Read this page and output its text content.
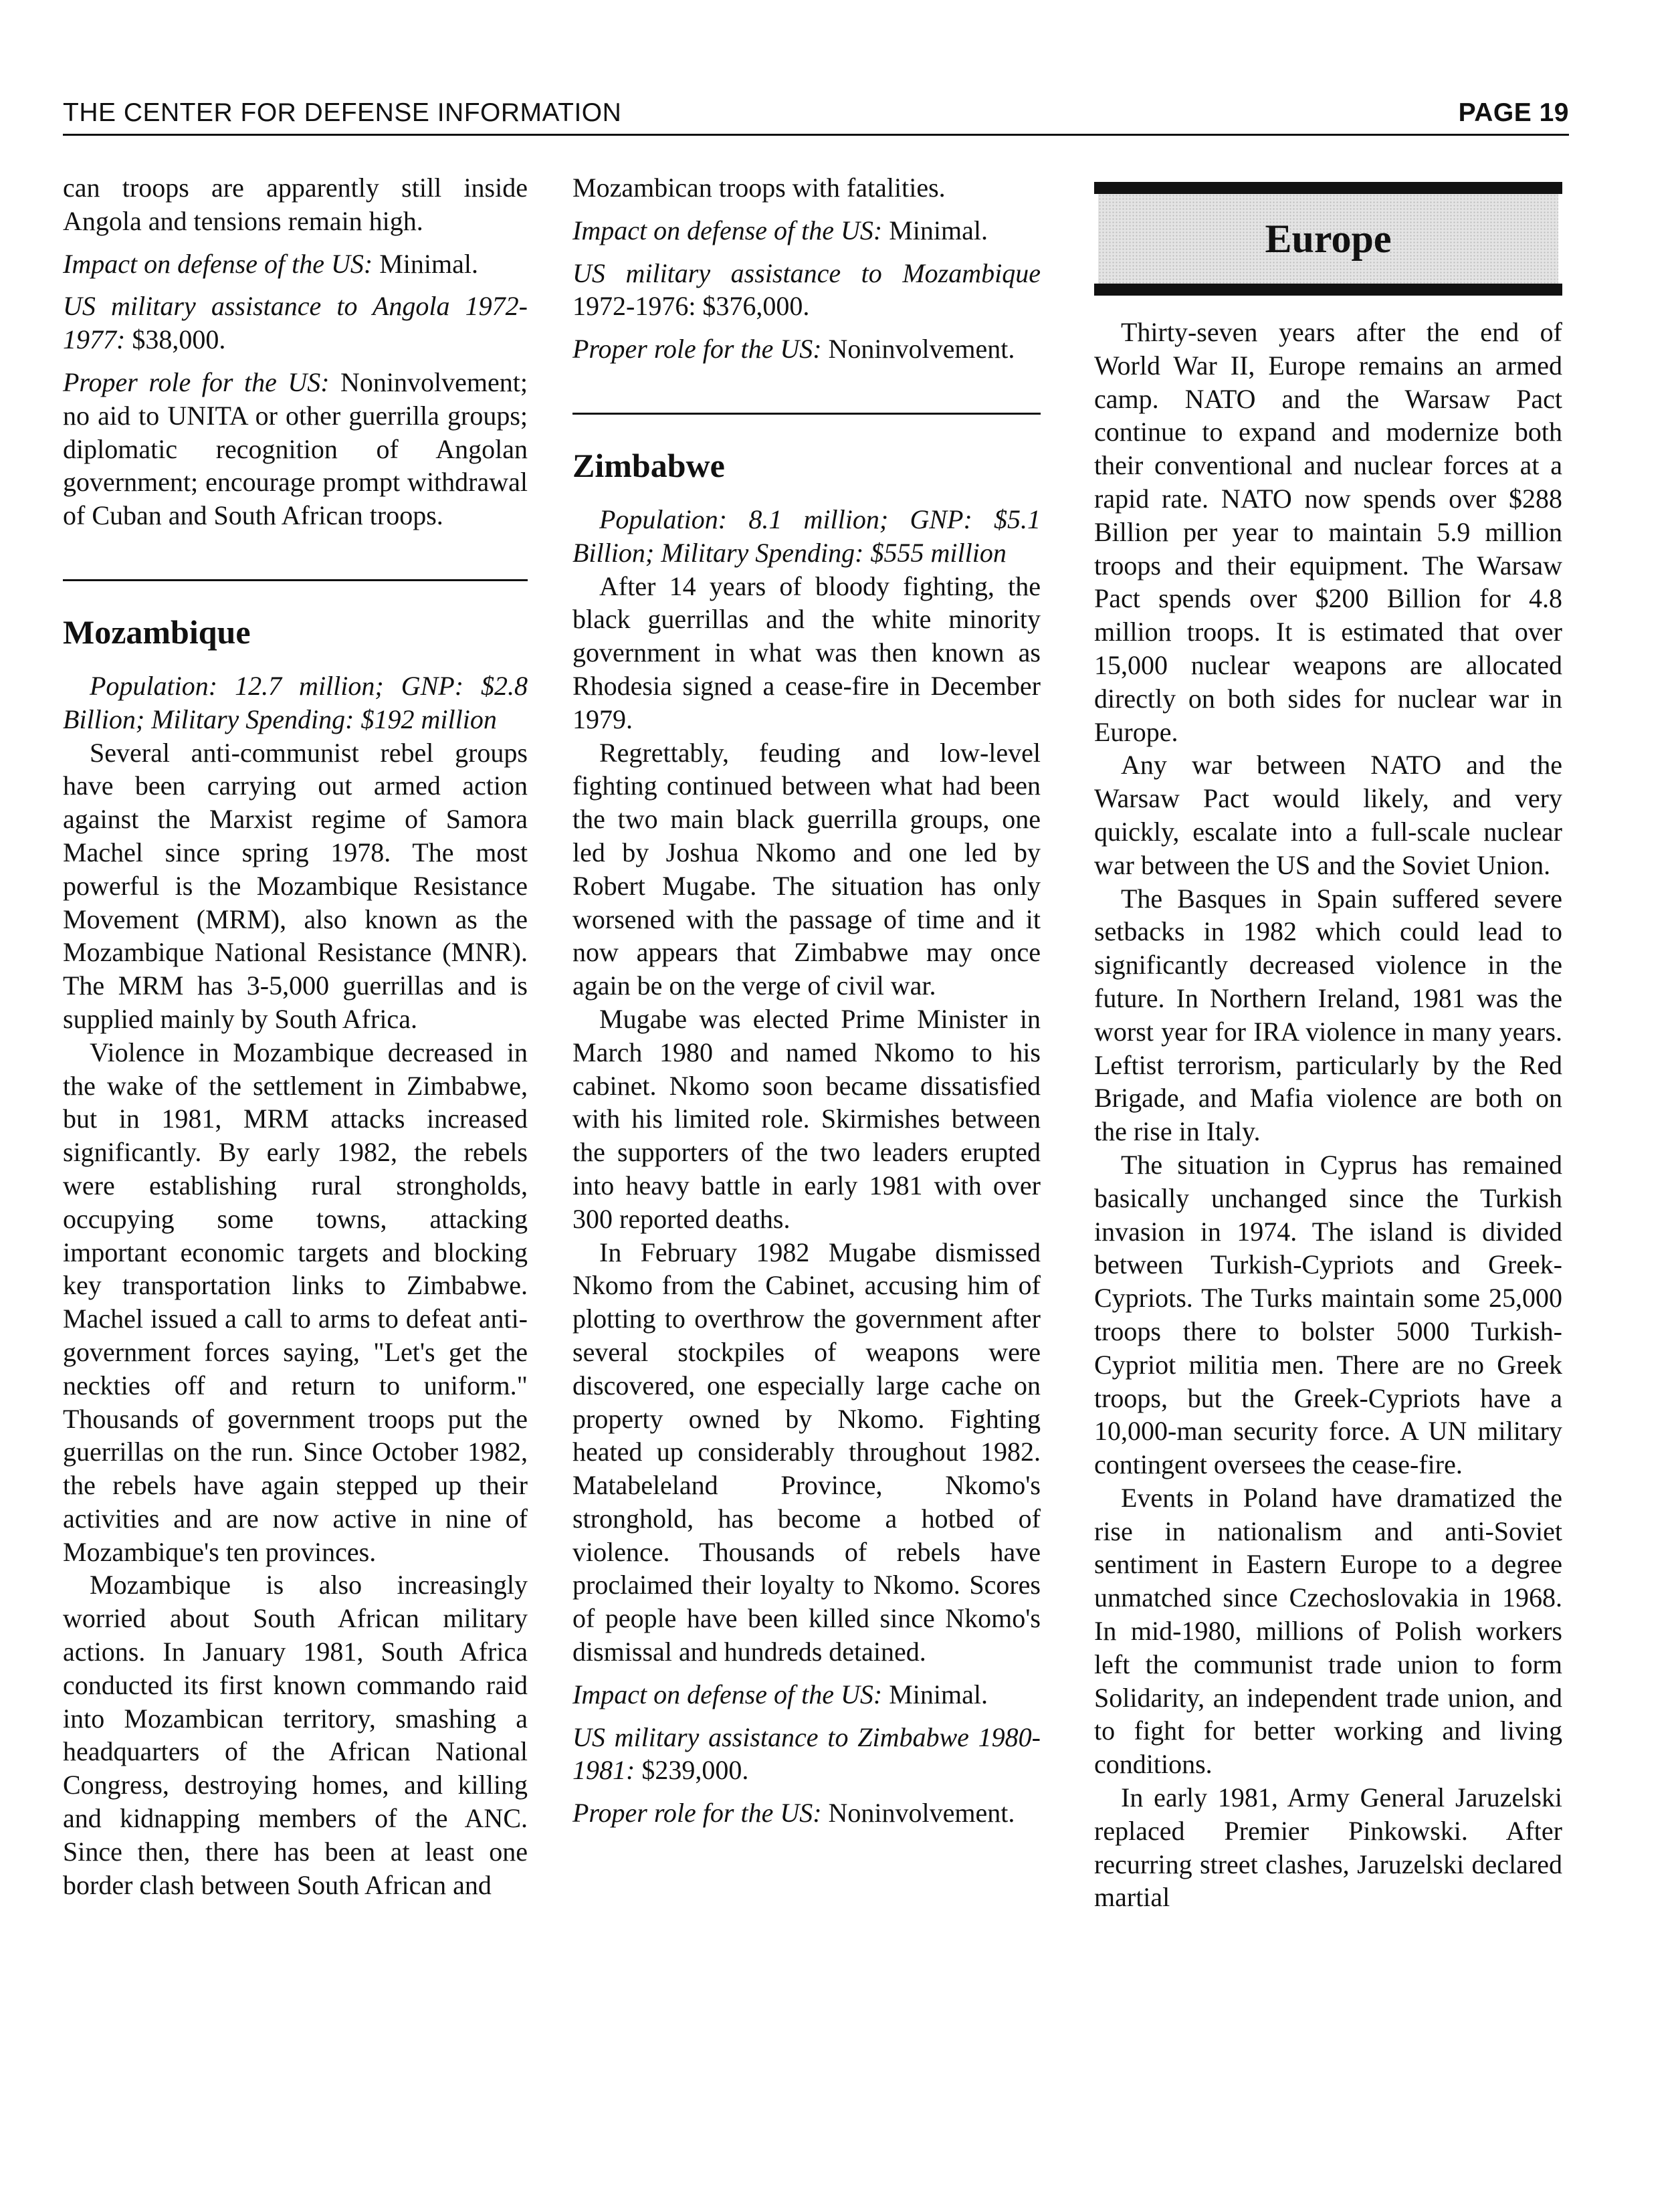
THE CENTER FOR DEFENSE INFORMATION	PAGE 19

can troops are apparently still inside Angola and tensions remain high.

Impact on defense of the US: Minimal.

US military assistance to Angola 1972-1977: $38,000.

Proper role for the US: Noninvolvement; no aid to UNITA or other guerrilla groups; diplomatic recognition of Angolan government; encourage prompt withdrawal of Cuban and South African troops.

Mozambique

Population: 12.7 million; GNP: $2.8 Billion; Military Spending: $192 million

Several anti-communist rebel groups have been carrying out armed action against the Marxist regime of Samora Machel since spring 1978. The most powerful is the Mozambique Resistance Movement (MRM), also known as the Mozambique National Resistance (MNR). The MRM has 3-5,000 guerrillas and is supplied mainly by South Africa.

Violence in Mozambique decreased in the wake of the settlement in Zimbabwe, but in 1981, MRM attacks increased significantly. By early 1982, the rebels were establishing rural strongholds, occupying some towns, attacking important economic targets and blocking key transportation links to Zimbabwe. Machel issued a call to arms to defeat anti-government forces saying, "Let's get the neckties off and return to uniform." Thousands of government troops put the guerrillas on the run. Since October 1982, the rebels have again stepped up their activities and are now active in nine of Mozambique's ten provinces.

Mozambique is also increasingly worried about South African military actions. In January 1981, South Africa conducted its first known commando raid into Mozambican territory, smashing a headquarters of the African National Congress, destroying homes, and killing and kidnapping members of the ANC. Since then, there has been at least one border clash between South African and

Mozambican troops with fatalities.

Impact on defense of the US: Minimal.

US military assistance to Mozambique 1972-1976: $376,000.

Proper role for the US: Noninvolvement.

Zimbabwe

Population: 8.1 million; GNP: $5.1 Billion; Military Spending: $555 million

After 14 years of bloody fighting, the black guerrillas and the white minority government in what was then known as Rhodesia signed a cease-fire in December 1979.

Regrettably, feuding and low-level fighting continued between what had been the two main black guerrilla groups, one led by Joshua Nkomo and one led by Robert Mugabe. The situation has only worsened with the passage of time and it now appears that Zimbabwe may once again be on the verge of civil war.

Mugabe was elected Prime Minister in March 1980 and named Nkomo to his cabinet. Nkomo soon became dissatisfied with his limited role. Skirmishes between the supporters of the two leaders erupted into heavy battle in early 1981 with over 300 reported deaths.

In February 1982 Mugabe dismissed Nkomo from the Cabinet, accusing him of plotting to overthrow the government after several stockpiles of weapons were discovered, one especially large cache on property owned by Nkomo. Fighting heated up considerably throughout 1982. Matabeleland Province, Nkomo's stronghold, has become a hotbed of violence. Thousands of rebels have proclaimed their loyalty to Nkomo. Scores of people have been killed since Nkomo's dismissal and hundreds detained.

Impact on defense of the US: Minimal.

US military assistance to Zimbabwe 1980-1981: $239,000.

Proper role for the US: Noninvolvement.

Europe

Thirty-seven years after the end of World War II, Europe remains an armed camp. NATO and the Warsaw Pact continue to expand and modernize both their conventional and nuclear forces at a rapid rate. NATO now spends over $288 Billion per year to maintain 5.9 million troops and their equipment. The Warsaw Pact spends over $200 Billion for 4.8 million troops. It is estimated that over 15,000 nuclear weapons are allocated directly on both sides for nuclear war in Europe.

Any war between NATO and the Warsaw Pact would likely, and very quickly, escalate into a full-scale nuclear war between the US and the Soviet Union.

The Basques in Spain suffered severe setbacks in 1982 which could lead to significantly decreased violence in the future. In Northern Ireland, 1981 was the worst year for IRA violence in many years. Leftist terrorism, particularly by the Red Brigade, and Mafia violence are both on the rise in Italy.

The situation in Cyprus has remained basically unchanged since the Turkish invasion in 1974. The island is divided between Turkish-Cypriots and Greek-Cypriots. The Turks maintain some 25,000 troops there to bolster 5000 Turkish-Cypriot militia men. There are no Greek troops, but the Greek-Cypriots have a 10,000-man security force. A UN military contingent oversees the cease-fire.

Events in Poland have dramatized the rise in nationalism and anti-Soviet sentiment in Eastern Europe to a degree unmatched since Czechoslovakia in 1968. In mid-1980, millions of Polish workers left the communist trade union to form Solidarity, an independent trade union, and to fight for better working and living conditions.

In early 1981, Army General Jaruzelski replaced Premier Pinkowski. After recurring street clashes, Jaruzelski declared martial
